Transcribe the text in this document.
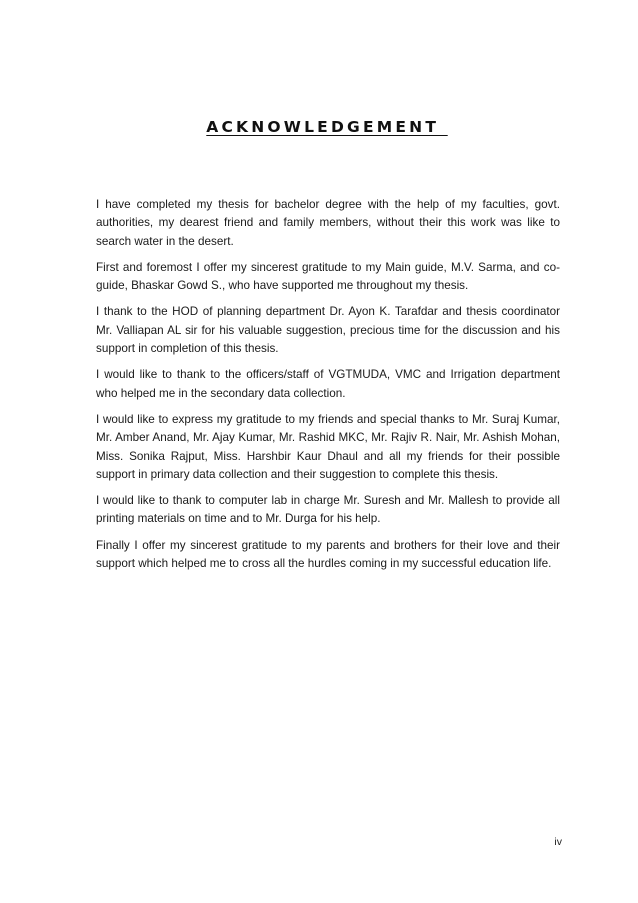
ACKNOWLEDGEMENT

I have completed my thesis for bachelor degree with the help of my faculties, govt. authorities, my dearest friend and family members, without their this work was like to search water in the desert.

First and foremost I offer my sincerest gratitude to my Main guide, M.V. Sarma, and co-guide, Bhaskar Gowd S., who have supported me throughout my thesis.

I thank to the HOD of planning department Dr. Ayon K. Tarafdar and thesis coordinator Mr. Valliapan AL sir for his valuable suggestion, precious time for the discussion and his support in completion of this thesis.

I would like to thank to the officers/staff of VGTMUDA, VMC and Irrigation department who helped me in the secondary data collection.

I would like to express my gratitude to my friends and special thanks to Mr. Suraj Kumar, Mr. Amber Anand, Mr. Ajay Kumar, Mr. Rashid MKC, Mr. Rajiv R. Nair, Mr. Ashish Mohan, Miss. Sonika Rajput, Miss. Harshbir Kaur Dhaul and all my friends for their possible support in primary data collection and their suggestion to complete this thesis.

I would like to thank to computer lab in charge Mr. Suresh and Mr. Mallesh to provide all printing materials on time and to Mr. Durga for his help.

Finally I offer my sincerest gratitude to my parents and brothers for their love and their support which helped me to cross all the hurdles coming in my successful education life.

iv
